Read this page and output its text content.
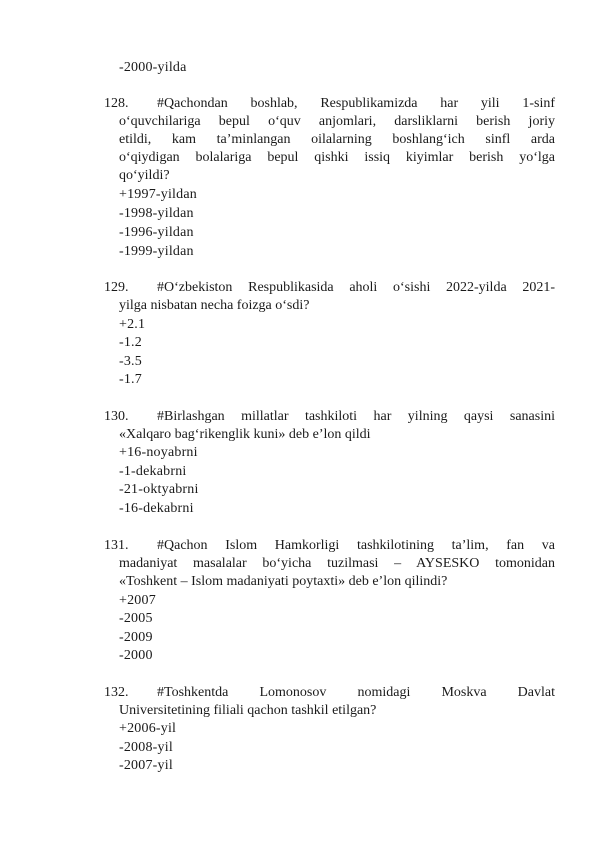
-2000-yilda
128. #Qachondan boshlab, Respublikamizda har yili 1-sinf
o‘quvchilariga bepul o‘quv anjomlari, darsliklarni berish joriy
etildi, kam ta’minlangan oilalarning boshlang‘ich sinfl arda
o‘qiydigan bolalariga bepul qishki issiq kiyimlar berish yo‘lga
qo‘yildi?
+1997-yildan
-1998-yildan
-1996-yildan
-1999-yildan
129. #O‘zbekiston Respublikasida aholi o‘sishi 2022-yilda 2021-
yilga nisbatan necha foizga o‘sdi?
+2.1
-1.2
-3.5
-1.7
130. #Birlashgan millatlar tashkiloti har yilning qaysi sanasini
«Xalqaro bag‘rikenglik kuni» deb e’lon qildi
+16-noyabrni
-1-dekabrni
-21-oktyabrni
-16-dekabrni
131. #Qachon Islom Hamkorligi tashkilotining ta’lim, fan va
madaniyat masalalar bo‘yicha tuzilmasi – AYSESKO tomonidan
«Toshkent – Islom madaniyati poytaxti» deb e’lon qilindi?
+2007
-2005
-2009
-2000
132. #Toshkentda Lomonosov nomidagi Moskva Davlat
Universitetining filiali qachon tashkil etilgan?
+2006-yil
-2008-yil
-2007-yil
